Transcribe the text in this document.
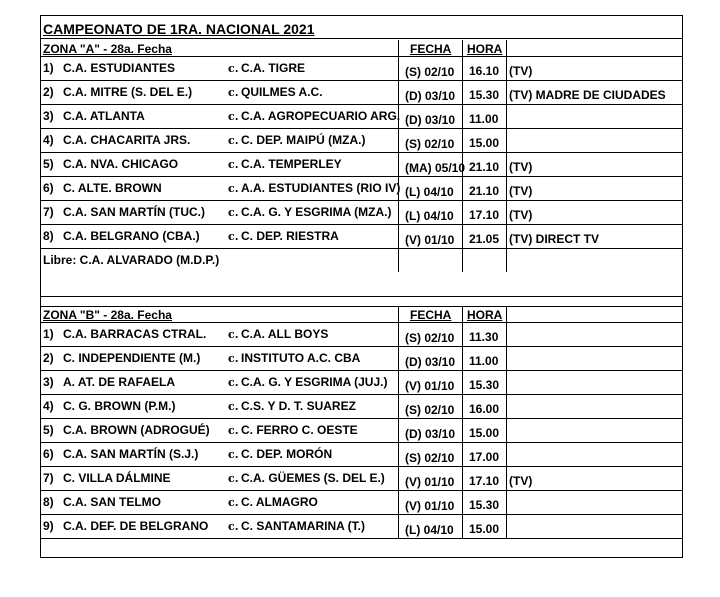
CAMPEONATO DE 1RA. NACIONAL 2021
ZONA "A" - 28a. Fecha	FECHA HORA
1) C.A. ESTUDIANTES	c. C.A. TIGRE	(S) 02/10 16.10 (TV)
2) C.A. MITRE (S. DEL E.)	c. QUILMES A.C.	(D) 03/10 15.30 (TV) MADRE DE CIUDADES
3) C.A. ATLANTA	c. C.A. AGROPECUARIO ARG. (D) 03/10 11.00
4) C.A. CHACARITA JRS.	c. C. DEP. MAIPÚ (MZA.)	(S) 02/10 15.00
5) C.A. NVA. CHICAGO	c. C.A. TEMPERLEY	(MA) 05/10 21.10 (TV)
6) C. ALTE. BROWN	c. A.A. ESTUDIANTES (RIO IV) (L) 04/10 21.10 (TV)
7) C.A. SAN MARTÍN (TUC.) c. C.A. G. Y ESGRIMA (MZA.) (L) 04/10 17.10 (TV)
8) C.A. BELGRANO (CBA.)	c. C. DEP. RIESTRA	(V) 01/10 21.05 (TV) DIRECT TV
Libre: C.A. ALVARADO (M.D.P.)
ZONA "B" - 28a. Fecha	FECHA HORA
1) C.A. BARRACAS CTRAL. c. C.A. ALL BOYS	(S) 02/10 11.30
2) C. INDEPENDIENTE (M.)	c. INSTITUTO A.C. CBA	(D) 03/10 11.00
3) A. AT. DE RAFAELA	c. C.A. G. Y ESGRIMA (JUJ.) (V) 01/10 15.30
4) C. G. BROWN (P.M.)	c. C.S. Y D. T. SUAREZ	(S) 02/10 16.00
5) C.A. BROWN (ADROGUÉ) c. C. FERRO C. OESTE	(D) 03/10 15.00
6) C.A. SAN MARTÍN (S.J.)	c. C. DEP. MORÓN	(S) 02/10 17.00
7) C. VILLA DÁLMINE	c. C.A. GÜEMES (S. DEL E.) (V) 01/10 17.10 (TV)
8) C.A. SAN TELMO	c. C. ALMAGRO	(V) 01/10 15.30
9) C.A. DEF. DE BELGRANO c. C. SANTAMARINA (T.)	(L) 04/10 15.00
